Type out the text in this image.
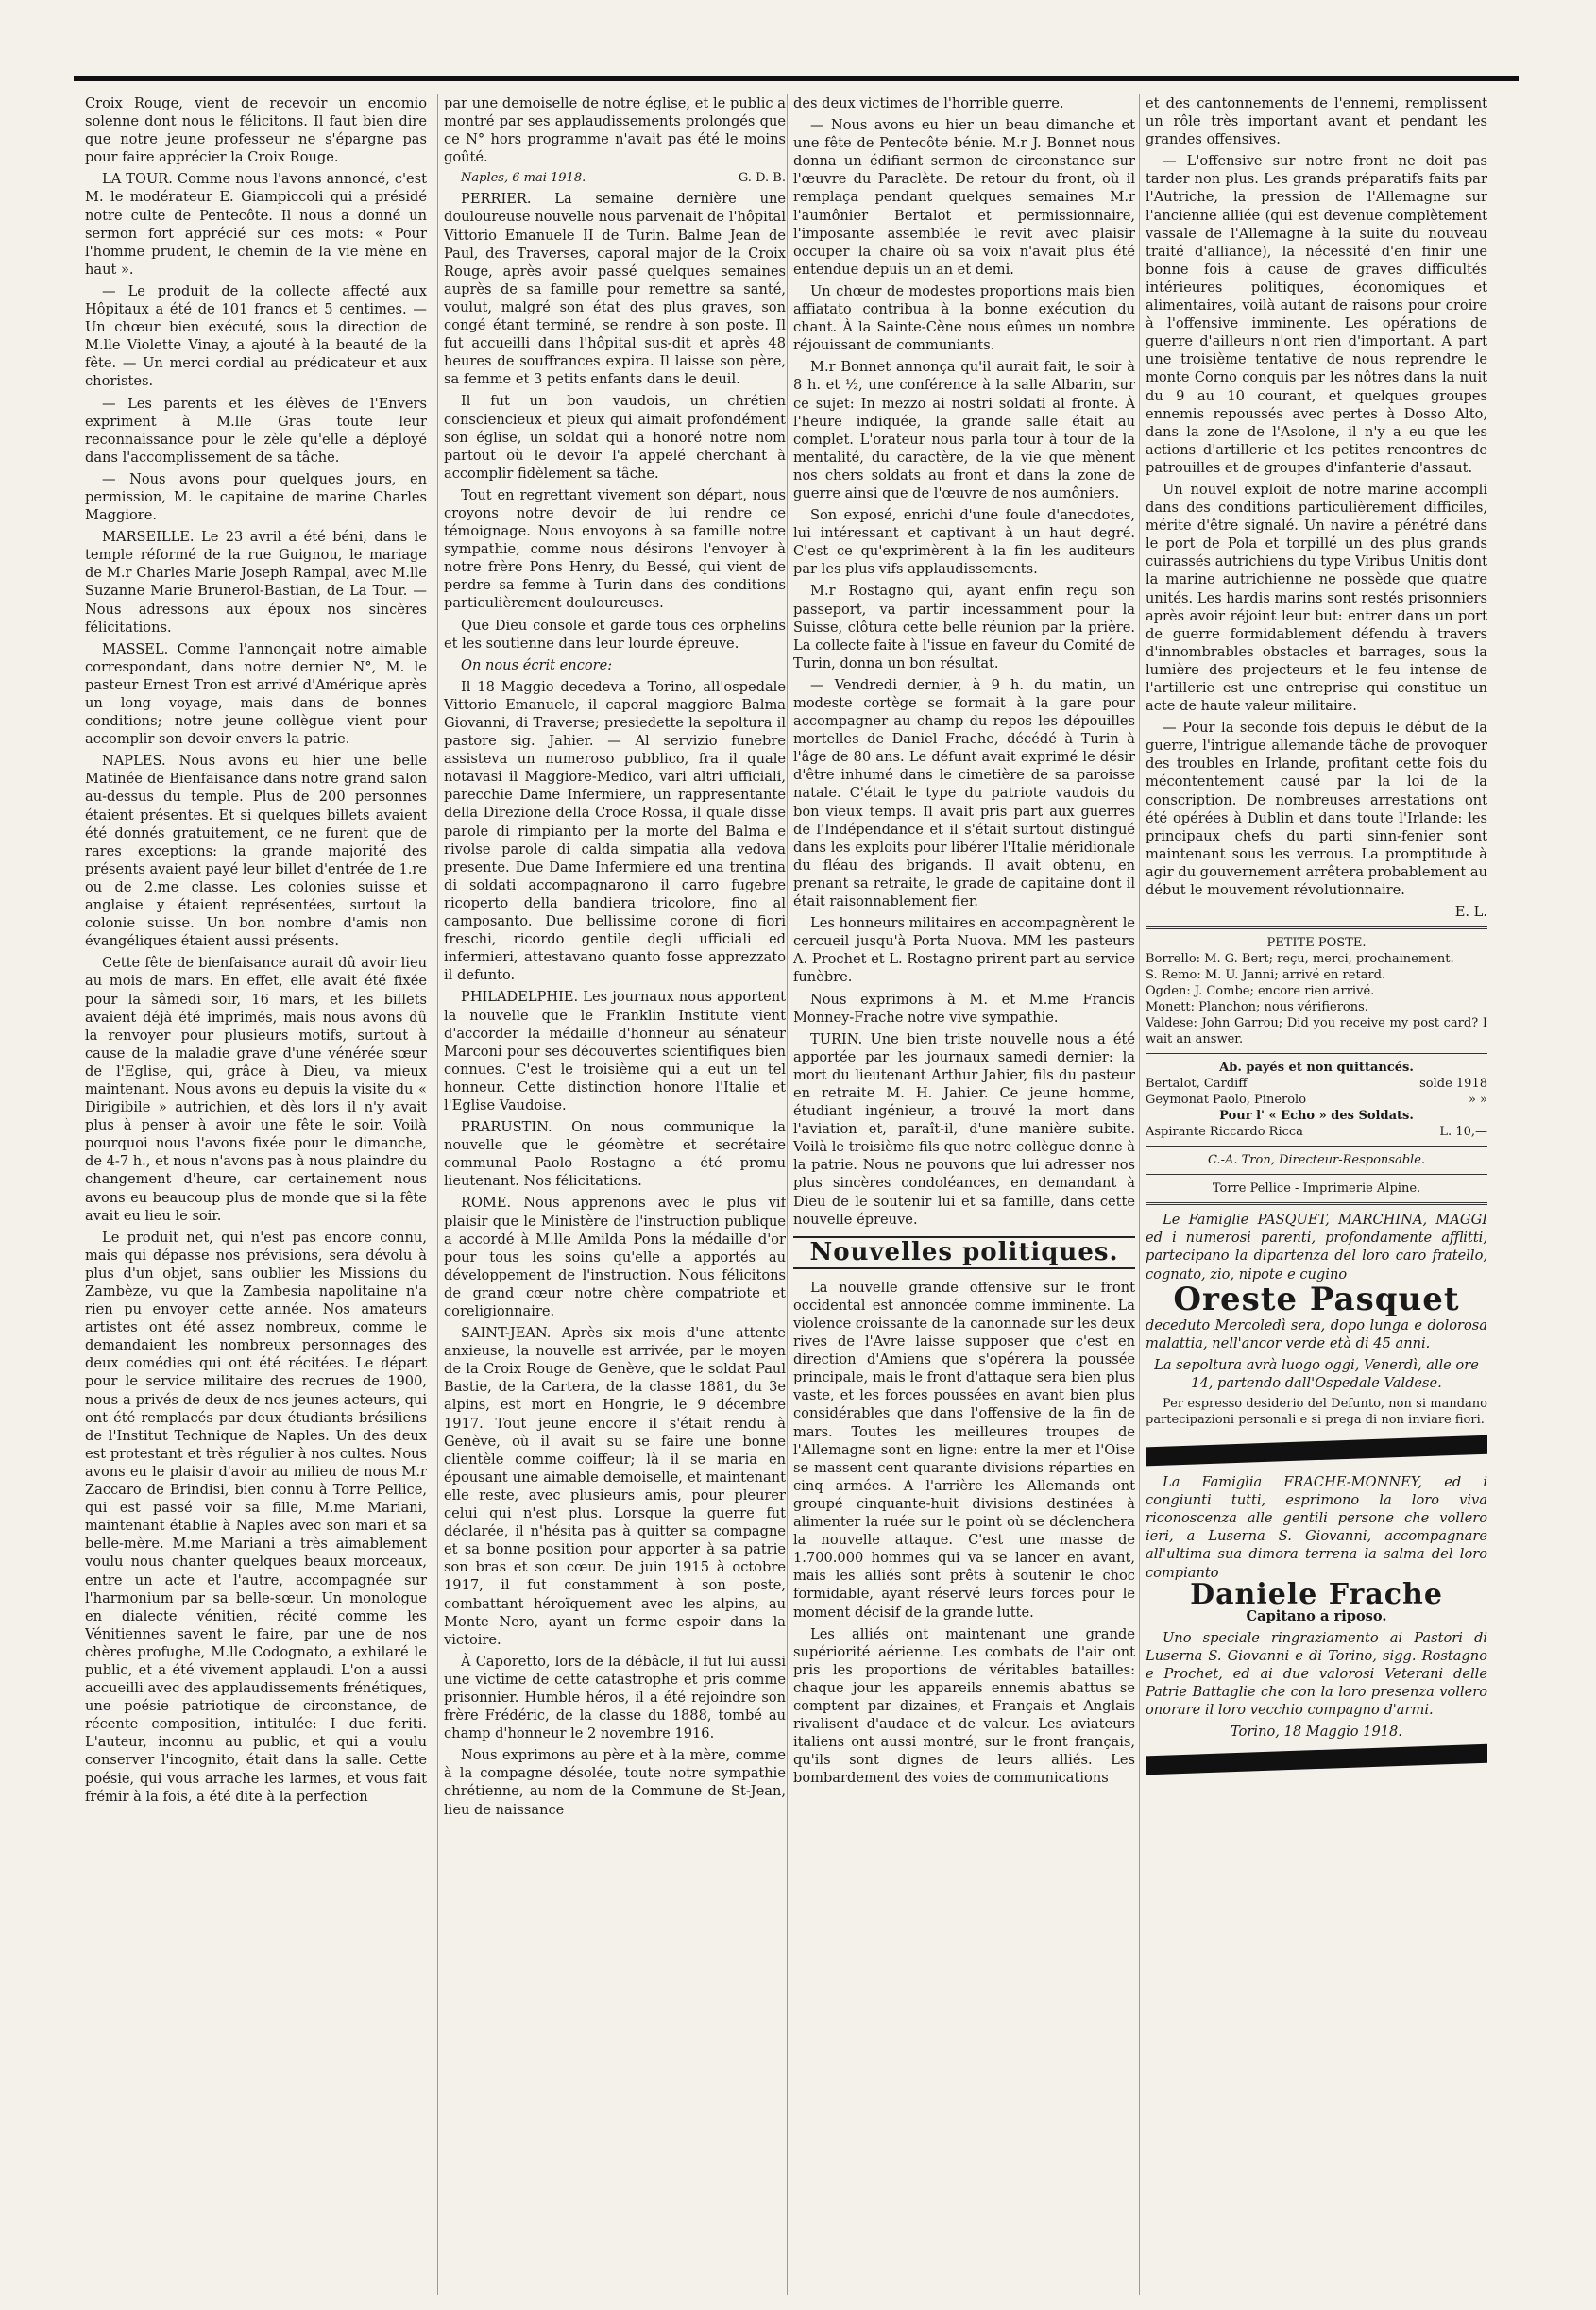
Croix Rouge, vient de recevoir un encomio solenne dont nous le félicitons. Il faut bien dire que notre jeune professeur ne s'épargne pas pour faire apprécier la Croix Rouge.

LA TOUR. Comme nous l'avons annoncé, c'est M. le modérateur E. Giampiccoli qui a présidé notre culte de Pentecôte. Il nous a donné un sermon fort apprécié sur ces mots: « Pour l'homme prudent, le chemin de la vie mène en haut ».

— Le produit de la collecte affecté aux Hôpitaux a été de 101 francs et 5 centimes. — Un chœur bien exécuté, sous la direction de M.lle Violette Vinay, a ajouté à la beauté de la fête. — Un merci cordial au prédicateur et aux choristes.

— Les parents et les élèves de l'Envers expriment à M.lle Gras toute leur reconnaissance pour le zèle qu'elle a déployé dans l'accomplissement de sa tâche.

— Nous avons pour quelques jours, en permission, M. le capitaine de marine Charles Maggiore.

MARSEILLE. Le 23 avril a été béni, dans le temple réformé de la rue Guignou, le mariage de M.r Charles Marie Joseph Rampal, avec M.lle Suzanne Marie Brunerol-Bastian, de La Tour. — Nous adressons aux époux nos sincères félicitations.

MASSEL. Comme l'annonçait notre aimable correspondant, dans notre dernier N°, M. le pasteur Ernest Tron est arrivé d'Amérique après un long voyage, mais dans de bonnes conditions; notre jeune collègue vient pour accomplir son devoir envers la patrie.

NAPLES. Nous avons eu hier une belle Matinée de Bienfaisance dans notre grand salon au-dessus du temple. Plus de 200 personnes étaient présentes. Et si quelques billets avaient été donnés gratuitement, ce ne furent que de rares exceptions: la grande majorité des présents avaient payé leur billet d'entrée de 1.re ou de 2.me classe. Les colonies suisse et anglaise y étaient représentées, surtout la colonie suisse. Un bon nombre d'amis non évangéliques étaient aussi présents.

Cette fête de bienfaisance aurait dû avoir lieu au mois de mars. En effet, elle avait été fixée pour la sâmedi soir, 16 mars, et les billets avaient déjà été imprimés, mais nous avons dû la renvoyer pour plusieurs motifs, surtout à cause de la maladie grave d'une vénérée sœur de l'Eglise, qui, grâce à Dieu, va mieux maintenant. Nous avons eu depuis la visite du « Dirigibile » autrichien, et dès lors il n'y avait plus à penser à avoir une fête le soir. Voilà pourquoi nous l'avons fixée pour le dimanche, de 4-7 h., et nous n'avons pas à nous plaindre du changement d'heure, car certainement nous avons eu beaucoup plus de monde que si la fête avait eu lieu le soir.

Le produit net, qui n'est pas encore connu, mais qui dépasse nos prévisions, sera dévolu à plus d'un objet, sans oublier les Missions du Zambèze, vu que la Zambesia napolitaine n'a rien pu envoyer cette année. Nos amateurs artistes ont été assez nombreux, comme le demandaient les nombreux personnages des deux comédies qui ont été récitées. Le départ pour le service militaire des recrues de 1900, nous a privés de deux de nos jeunes acteurs, qui ont été remplacés par deux étudiants brésiliens de l'Institut Technique de Naples. Un des deux est protestant et très régulier à nos cultes. Nous avons eu le plaisir d'avoir au milieu de nous M.r Zaccaro de Brindisi, bien connu à Torre Pellice, qui est passé voir sa fille, M.me Mariani, maintenant établie à Naples avec son mari et sa belle-mère. M.me Mariani a très aimablement voulu nous chanter quelques beaux morceaux, entre un acte et l'autre, accompagnée sur l'harmonium par sa belle-sœur. Un monologue en dialecte vénitien, récité comme les Vénitiennes savent le faire, par une de nos chères profughe, M.lle Codognato, a exhilaré le public, et a été vivement applaudi. L'on a aussi accueilli avec des applaudissements frénétiques, une poésie patriotique de circonstance, de récente composition, intitulée: I due feriti. L'auteur, inconnu au public, et qui a voulu conserver l'incognito, était dans la salle. Cette poésie, qui vous arrache les larmes, et vous fait frémir à la fois, a été dite à la perfection

par une demoiselle de notre église, et le public a montré par ses applaudissements prolongés que ce N° hors programme n'avait pas été le moins goûté.

Naples, 6 mai 1918.	G. D. B.

PERRIER. La semaine dernière une douloureuse nouvelle nous parvenait de l'hôpital Vittorio Emanuele II de Turin. Balme Jean de Paul, des Traverses, caporal major de la Croix Rouge, après avoir passé quelques semaines auprès de sa famille pour remettre sa santé, voulut, malgré son état des plus graves, son congé étant terminé, se rendre à son poste. Il fut accueilli dans l'hôpital sus-dit et après 48 heures de souffrances expira. Il laisse son père, sa femme et 3 petits enfants dans le deuil.

Il fut un bon vaudois, un chrétien consciencieux et pieux qui aimait profondément son église, un soldat qui a honoré notre nom partout où le devoir l'a appelé cherchant à accomplir fidèlement sa tâche.

Tout en regrettant vivement son départ, nous croyons notre devoir de lui rendre ce témoignage. Nous envoyons à sa famille notre sympathie, comme nous désirons l'envoyer à notre frère Pons Henry, du Bessé, qui vient de perdre sa femme à Turin dans des conditions particulièrement douloureuses.

Que Dieu console et garde tous ces orphelins et les soutienne dans leur lourde épreuve.

On nous écrit encore:

Il 18 Maggio decedeva a Torino, all'ospedale Vittorio Emanuele, il caporal maggiore Balma Giovanni, di Traverse; presiedette la sepoltura il pastore sig. Jahier. — Al servizio funebre assisteva un numeroso pubblico, fra il quale notavasi il Maggiore-Medico, vari altri ufficiali, parecchie Dame Infermiere, un rappresentante della Direzione della Croce Rossa, il quale disse parole di rimpianto per la morte del Balma e rivolse parole di calda simpatia alla vedova presente. Due Dame Infermiere ed una trentina di soldati accompagnarono il carro fugebre ricoperto della bandiera tricolore, fino al camposanto. Due bellissime corone di fiori freschi, ricordo gentile degli ufficiali ed infermieri, attestavano quanto fosse apprezzato il defunto.

PHILADELPHIE. Les journaux nous apportent la nouvelle que le Franklin Institute vient d'accorder la médaille d'honneur au sénateur Marconi pour ses découvertes scientifiques bien connues. C'est le troisième qui a eut un tel honneur. Cette distinction honore l'Italie et l'Eglise Vaudoise.

PRARUSTIN. On nous communique la nouvelle que le géomètre et secrétaire communal Paolo Rostagno a été promu lieutenant. Nos félicitations.

ROME. Nous apprenons avec le plus vif plaisir que le Ministère de l'instruction publique a accordé à M.lle Amilda Pons la médaille d'or pour tous les soins qu'elle a apportés au développement de l'instruction. Nous félicitons de grand cœur notre chère compatriote et coreligionnaire.

SAINT-JEAN. Après six mois d'une attente anxieuse, la nouvelle est arrivée, par le moyen de la Croix Rouge de Genève, que le soldat Paul Bastie, de la Cartera, de la classe 1881, du 3e alpins, est mort en Hongrie, le 9 décembre 1917. Tout jeune encore il s'était rendu à Genève, où il avait su se faire une bonne clientèle comme coiffeur; là il se maria en épousant une aimable demoiselle, et maintenant elle reste, avec plusieurs amis, pour pleurer celui qui n'est plus. Lorsque la guerre fut déclarée, il n'hésita pas à quitter sa compagne et sa bonne position pour apporter à sa patrie son bras et son cœur. De juin 1915 à octobre 1917, il fut constamment à son poste, combattant héroïquement avec les alpins, au Monte Nero, ayant un ferme espoir dans la victoire.

À Caporetto, lors de la débâcle, il fut lui aussi une victime de cette catastrophe et pris comme prisonnier. Humble héros, il a été rejoindre son frère Frédéric, de la classe du 1888, tombé au champ d'honneur le 2 novembre 1916.

Nous exprimons au père et à la mère, comme à la compagne désolée, toute notre sympathie chrétienne, au nom de la Commune de St-Jean, lieu de naissance

des deux victimes de l'horrible guerre.

— Nous avons eu hier un beau dimanche et une fête de Pentecôte bénie. M.r J. Bonnet nous donna un édifiant sermon de circonstance sur l'œuvre du Paraclète. De retour du front, où il remplaça pendant quelques semaines M.r l'aumônier Bertalot et permissionnaire, l'imposante assemblée le revit avec plaisir occuper la chaire où sa voix n'avait plus été entendue depuis un an et demi.

Un chœur de modestes proportions mais bien affiatato contribua à la bonne exécution du chant. À la Sainte-Cène nous eûmes un nombre réjouissant de communiants.

M.r Bonnet annonça qu'il aurait fait, le soir à 8 h. et ½, une conférence à la salle Albarin, sur ce sujet: In mezzo ai nostri soldati al fronte. À l'heure indiquée, la grande salle était au complet. L'orateur nous parla tour à tour de la mentalité, du caractère, de la vie que mènent nos chers soldats au front et dans la zone de guerre ainsi que de l'œuvre de nos aumôniers.

Son exposé, enrichi d'une foule d'anecdotes, lui intéressant et captivant à un haut degré. C'est ce qu'exprimèrent à la fin les auditeurs par les plus vifs applaudissements.

M.r Rostagno qui, ayant enfin reçu son passeport, va partir incessamment pour la Suisse, clôtura cette belle réunion par la prière. La collecte faite à l'issue en faveur du Comité de Turin, donna un bon résultat.

— Vendredi dernier, à 9 h. du matin, un modeste cortège se formait à la gare pour accompagner au champ du repos les dépouilles mortelles de Daniel Frache, décédé à Turin à l'âge de 80 ans. Le défunt avait exprimé le désir d'être inhumé dans le cimetière de sa paroisse natale. C'était le type du patriote vaudois du bon vieux temps. Il avait pris part aux guerres de l'Indépendance et il s'était surtout distingué dans les exploits pour libérer l'Italie méridionale du fléau des brigands. Il avait obtenu, en prenant sa retraite, le grade de capitaine dont il était raisonnablement fier.

Les honneurs militaires en accompagnèrent le cercueil jusqu'à Porta Nuova. MM les pasteurs A. Prochet et L. Rostagno prirent part au service funèbre.

Nous exprimons à M. et M.me Francis Monney-Frache notre vive sympathie.

TURIN. Une bien triste nouvelle nous a été apportée par les journaux samedi dernier: la mort du lieutenant Arthur Jahier, fils du pasteur en retraite M. H. Jahier. Ce jeune homme, étudiant ingénieur, a trouvé la mort dans l'aviation et, paraît-il, d'une manière subite. Voilà le troisième fils que notre collègue donne à la patrie. Nous ne pouvons que lui adresser nos plus sincères condoléances, en demandant à Dieu de le soutenir lui et sa famille, dans cette nouvelle épreuve.

Nouvelles politiques.

La nouvelle grande offensive sur le front occidental est annoncée comme imminente. La violence croissante de la canonnade sur les deux rives de l'Avre laisse supposer que c'est en direction d'Amiens que s'opérera la poussée principale, mais le front d'attaque sera bien plus vaste, et les forces poussées en avant bien plus considérables que dans l'offensive de la fin de mars. Toutes les meilleures troupes de l'Allemagne sont en ligne: entre la mer et l'Oise se massent cent quarante divisions réparties en cinq armées. A l'arrière les Allemands ont groupé cinquante-huit divisions destinées à alimenter la ruée sur le point où se déclenchera la nouvelle attaque. C'est une masse de 1.700.000 hommes qui va se lancer en avant, mais les alliés sont prêts à soutenir le choc formidable, ayant réservé leurs forces pour le moment décisif de la grande lutte.

Les alliés ont maintenant une grande supériorité aérienne. Les combats de l'air ont pris les proportions de véritables batailles: chaque jour les appareils ennemis abattus se comptent par dizaines, et Français et Anglais rivalisent d'audace et de valeur. Les aviateurs italiens ont aussi montré, sur le front français, qu'ils sont dignes de leurs alliés. Les bombardement des voies de communications

et des cantonnements de l'ennemi, remplissent un rôle très important avant et pendant les grandes offensives.

— L'offensive sur notre front ne doit pas tarder non plus. Les grands préparatifs faits par l'Autriche, la pression de l'Allemagne sur l'ancienne alliée (qui est devenue complètement vassale de l'Allemagne à la suite du nouveau traité d'alliance), la nécessité d'en finir une bonne fois à cause de graves difficultés intérieures politiques, économiques et alimentaires, voilà autant de raisons pour croire à l'offensive imminente. Les opérations de guerre d'ailleurs n'ont rien d'important. A part une troisième tentative de nous reprendre le monte Corno conquis par les nôtres dans la nuit du 9 au 10 courant, et quelques groupes ennemis repoussés avec pertes à Dosso Alto, dans la zone de l'Asolone, il n'y a eu que les actions d'artillerie et les petites rencontres de patrouilles et de groupes d'infanterie d'assaut.

Un nouvel exploit de notre marine accompli dans des conditions particulièrement difficiles, mérite d'être signalé. Un navire a pénétré dans le port de Pola et torpillé un des plus grands cuirassés autrichiens du type Viribus Unitis dont la marine autrichienne ne possède que quatre unités. Les hardis marins sont restés prisonniers après avoir réjoint leur but: entrer dans un port de guerre formidablement défendu à travers d'innombrables obstacles et barrages, sous la lumière des projecteurs et le feu intense de l'artillerie est une entreprise qui constitue un acte de haute valeur militaire.

— Pour la seconde fois depuis le début de la guerre, l'intrigue allemande tâche de provoquer des troubles en Irlande, profitant cette fois du mécontentement causé par la loi de la conscription. De nombreuses arrestations ont été opérées à Dublin et dans toute l'Irlande: les principaux chefs du parti sinn-fenier sont maintenant sous les verrous. La promptitude à agir du gouvernement arrêtera probablement au début le mouvement révolutionnaire.

E. L.

PETITE POSTE.

Borrello: M. G. Bert; reçu, merci, prochainement.

S. Remo: M. U. Janni; arrivé en retard.

Ogden: J. Combe; encore rien arrivé.

Monett: Planchon; nous vérifierons.

Valdese: John Garrou; Did you receive my post card? I wait an answer.

Ab. payés et non quittancés.
Bertalot, Cardiff	solde 1918
Geymonat Paolo, Pinerolo	» »
Pour l' « Echo » des Soldats.
Aspirante Riccardo Ricca	L. 10,—
C.-A. Tron, Directeur-Responsable.
Torre Pellice - Imprimerie Alpine.

Le Famiglie PASQUET, MARCHINA, MAGGI ed i numerosi parenti, profondamente afflitti, partecipano la dipartenza del loro caro fratello, cognato, zio, nipote e cugino

Oreste Pasquet

deceduto Mercoledì sera, dopo lunga e dolorosa malattia, nell'ancor verde età di 45 anni.

La sepoltura avrà luogo oggi, Venerdì, alle ore 14, partendo dall'Ospedale Valdese.

Per espresso desiderio del Defunto, non si mandano partecipazioni personali e si prega di non inviare fiori.

La Famiglia FRACHE-MONNEY, ed i congiunti tutti, esprimono la loro viva riconoscenza alle gentili persone che vollero ieri, a Luserna S. Giovanni, accompagnare all'ultima sua dimora terrena la salma del loro compianto

Daniele Frache

Capitano a riposo.

Uno speciale ringraziamento ai Pastori di Luserna S. Giovanni e di Torino, sigg. Rostagno e Prochet, ed ai due valorosi Veterani delle Patrie Battaglie che con la loro presenza vollero onorare il loro vecchio compagno d'armi.

Torino, 18 Maggio 1918.
